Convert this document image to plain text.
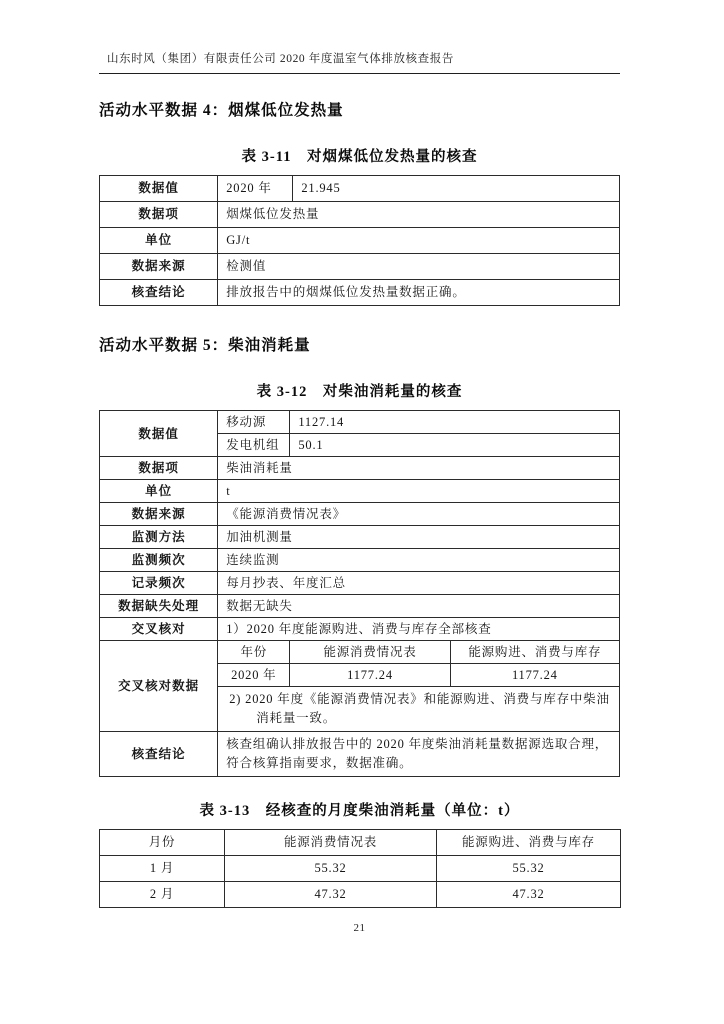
山东时风（集团）有限责任公司 2020 年度温室气体排放核查报告
活动水平数据 4：烟煤低位发热量
表 3-11　对烟煤低位发热量的核查
数据值	2020 年	21.945
数据项	烟煤低位发热量	
单位	GJ/t	
数据来源	检测值	
核查结论	排放报告中的烟煤低位发热量数据正确。	
活动水平数据 5：柴油消耗量
表 3-12　对柴油消耗量的核查
数据值	移动源	1127.14	
	发电机组	50.1	
数据项	柴油消耗量		
单位	t		
数据来源	《能源消费情况表》		
监测方法	加油机测量		
监测频次	连续监测		
记录频次	每月抄表、年度汇总		
数据缺失处理	数据无缺失		
交叉核对	1）2020 年度能源购进、消费与库存全部核查		
交叉核对数据	年份	能源消费情况表	能源购进、消费与库存
	2020 年	1177.24	1177.24
	2) 2020 年度《能源消费情况表》和能源购进、消费与库存中柴油消耗量一致。		
核查结论	核查组确认排放报告中的 2020 年度柴油消耗量数据源选取合理，符合核算指南要求，数据准确。		
表 3-13　经核查的月度柴油消耗量（单位：t）
月份	能源消费情况表	能源购进、消费与库存
1 月	55.32	55.32
2 月	47.32	47.32
21
